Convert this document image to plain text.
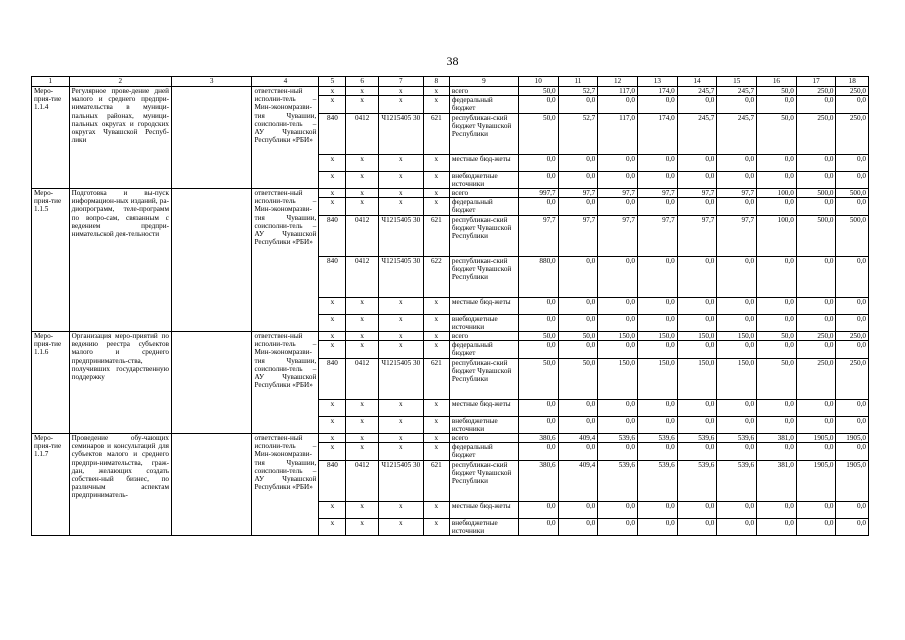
38
1	2	3	4	5	6	7	8	9	10	11	12	13	14	15	16	17	18
Меро-прия-тие 1.1.4	Регулярное прове-дение дней малого и среднего предпри-нимательства в муници-пальных районах, муници-пальных округах и городских округах Чувашской Респуб-лики		ответствен-ный исполни-тель – Мин-экономразви-тия Чувашии, соисполни-тель – АУ Чувашской Республики «РБИ»	х	х	х	х	всего	50,0	52,7	117,0	174,0	245,7	245,7	50,0	250,0	250,0
				х	х	х	х	федеральный бюджет	0,0	0,0	0,0	0,0	0,0	0,0	0,0	0,0	0,0
				840	0412	Ч1215405 30	621	республикан-ский бюджет Чувашской Республики	50,0	52,7	117,0	174,0	245,7	245,7	50,0	250,0	250,0
				х	х	х	х	местные бюд-жеты	0,0	0,0	0,0	0,0	0,0	0,0	0,0	0,0	0,0
				х	х	х	х	внебюджетные источники	0,0	0,0	0,0	0,0	0,0	0,0	0,0	0,0	0,0
Меро-прия-тие 1.1.5	Подготовка и вы-пуск информацион-ных изданий, ра-диопрограмм, теле-программ по вопро-сам, связанным с ведением предпри-нимательской дея-тельности		ответствен-ный исполни-тель – Мин-экономразви-тия Чувашии, соисполни-тель – АУ Чувашской Республики «РБИ»	х	х	х	х	всего	997,7	97,7	97,7	97,7	97,7	97,7	100,0	500,0	500,0
				х	х	х	х	федеральный бюджет	0,0	0,0	0,0	0,0	0,0	0,0	0,0	0,0	0,0
				840	0412	Ч1215405 30	621	республикан-ский бюджет Чувашской Республики	97,7	97,7	97,7	97,7	97,7	97,7	100,0	500,0	500,0
				840	0412	Ч1215405 30	622	республикан-ский бюджет Чувашской Республики	880,0	0,0	0,0	0,0	0,0	0,0	0,0	0,0	0,0
				х	х	х	х	местные бюд-жеты	0,0	0,0	0,0	0,0	0,0	0,0	0,0	0,0	0,0
				х	х	х	х	внебюджетные источники	0,0	0,0	0,0	0,0	0,0	0,0	0,0	0,0	0,0
Меро-прия-тие 1.1.6	Организация меро-приятий по ведению реестра субъектов малого и среднего предприниматель-ства, получивших государственную поддержку		ответствен-ный исполни-тель – Мин-экономразви-тия Чувашии, соисполни-тель – АУ Чувашской Республики «РБИ»	х	х	х	х	всего	50,0	50,0	150,0	150,0	150,0	150,0	50,0	250,0	250,0
				х	х	х	х	федеральный бюджет	0,0	0,0	0,0	0,0	0,0	0,0	0,0	0,0	0,0
				840	0412	Ч1215405 30	621	республикан-ский бюджет Чувашской Республики	50,0	50,0	150,0	150,0	150,0	150,0	50,0	250,0	250,0
				х	х	х	х	местные бюд-жеты	0,0	0,0	0,0	0,0	0,0	0,0	0,0	0,0	0,0
				х	х	х	х	внебюджетные источники	0,0	0,0	0,0	0,0	0,0	0,0	0,0	0,0	0,0
Меро-прия-тие 1.1.7	Проведение обу-чающих семинаров и консультаций для субъектов малого и среднего предпри-нимательства, граж-дан, желающих создать собствен-ный бизнес, по различным аспектам предприниматель-		ответствен-ный исполни-тель – Мин-экономразви-тия Чувашии, соисполни-тель – АУ Чувашской Республики «РБИ»	х	х	х	х	всего	380,6	409,4	539,6	539,6	539,6	539,6	381,0	1905,0	1905,0
				х	х	х	х	федеральный бюджет	0,0	0,0	0,0	0,0	0,0	0,0	0,0	0,0	0,0
				840	0412	Ч1215405 30	621	республикан-ский бюджет Чувашской Республики	380,6	409,4	539,6	539,6	539,6	539,6	381,0	1905,0	1905,0
				х	х	х	х	местные бюд-жеты	0,0	0,0	0,0	0,0	0,0	0,0	0,0	0,0	0,0
				х	х	х	х	внебюджетные источники	0,0	0,0	0,0	0,0	0,0	0,0	0,0	0,0	0,0
